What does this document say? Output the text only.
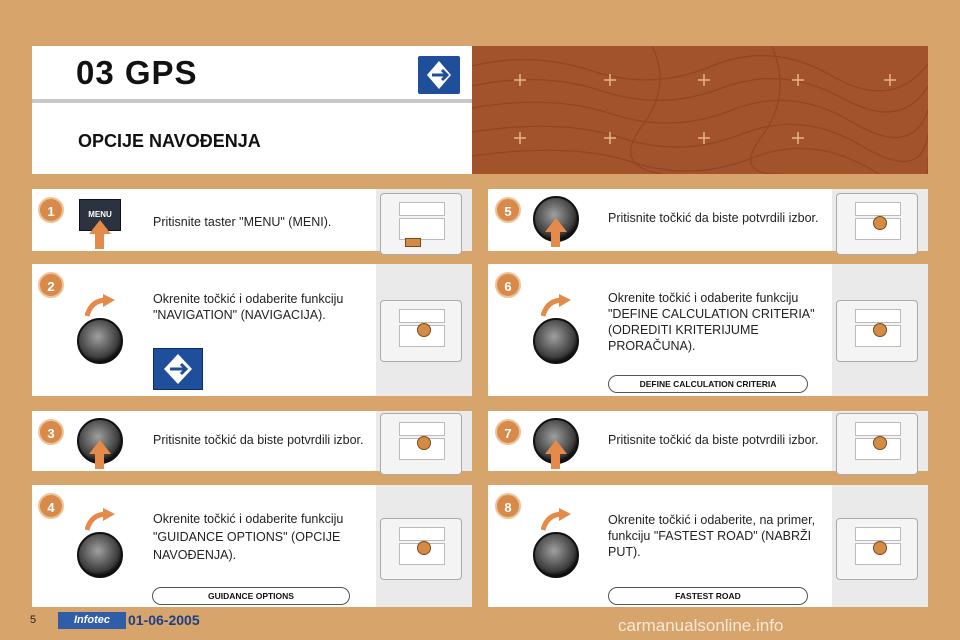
03 GPS
OPCIJE NAVOĐENJA
1	MENU
Pritisnite taster "MENU" (MENI).
2
Okrenite točkić i odaberite funkciju "NAVIGATION" (NAVIGACIJA).
3	Pritisnite točkić da biste potvrdili izbor.
4
Okrenite točkić i odaberite funkciju "GUIDANCE OPTIONS" (OPCIJE NAVOĐENJA).
GUIDANCE OPTIONS
5	Pritisnite točkić da biste potvrdili izbor.
6
Okrenite točkić i odaberite funkciju "DEFINE CALCULATION CRITERIA" (ODREDITI KRITERIJUME PRORAČUNA).
DEFINE CALCULATION CRITERIA
7	Pritisnite točkić da biste potvrdili izbor.
8
Okrenite točkić i odaberite, na primer, funkciju "FASTEST ROAD" (NABRŽI PUT).
FASTEST ROAD
5	Infotec	01-06-2005	carmanualsonline.info
